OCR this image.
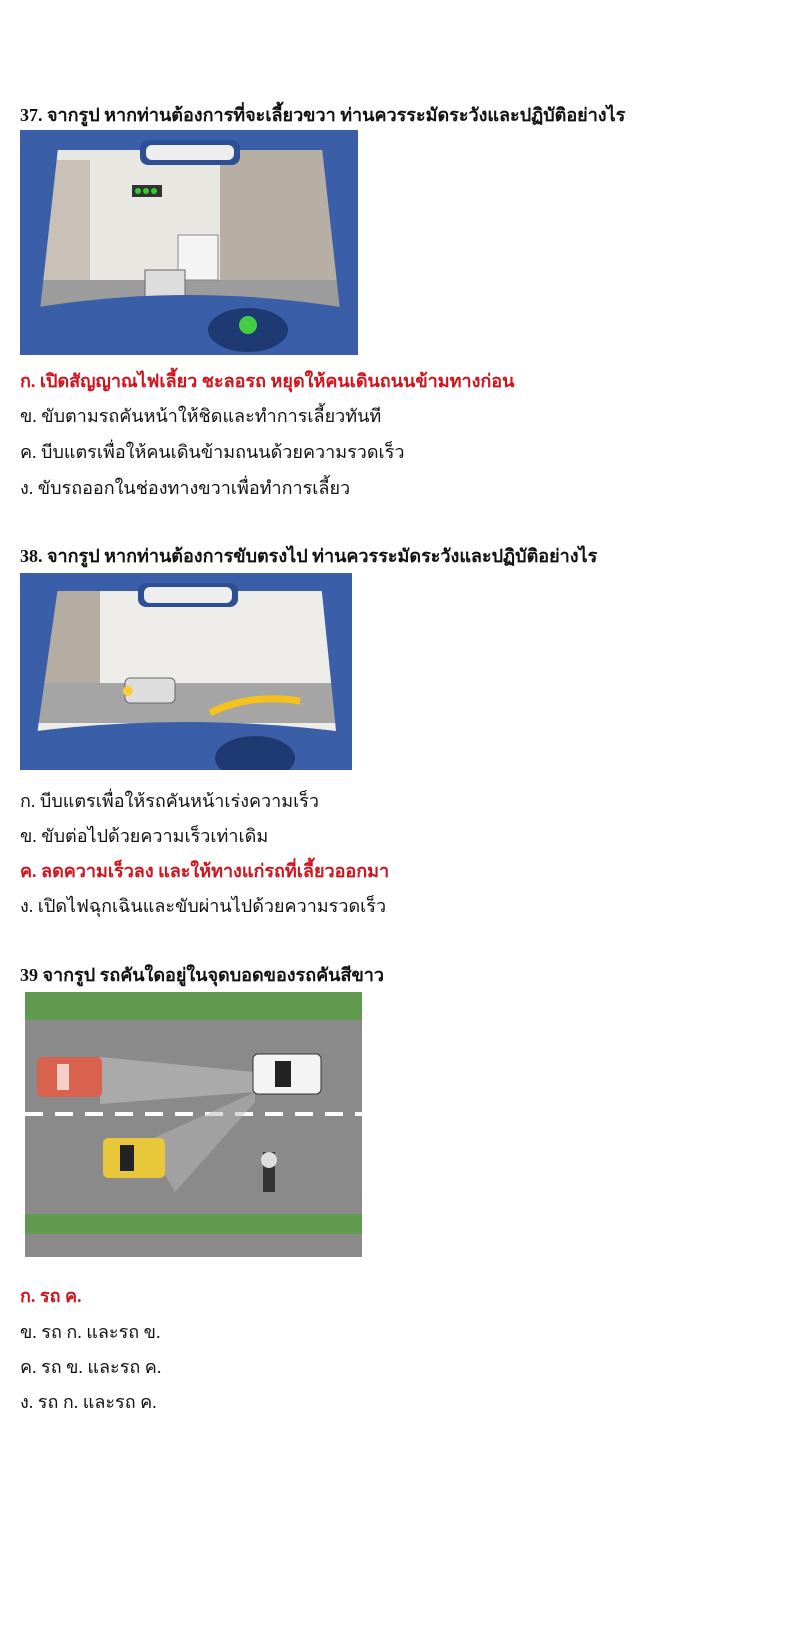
37. จากรูป หากท่านต้องการที่จะเลี้ยวขวา ท่านควรระมัดระวังและปฏิบัติอย่างไร
ก. เปิดสัญญาณไฟเลี้ยว ชะลอรถ หยุดให้คนเดินถนนข้ามทางก่อน
ข. ขับตามรถคันหน้าให้ชิดและทำการเลี้ยวทันที
ค. บีบแตรเพื่อให้คนเดินข้ามถนนด้วยความรวดเร็ว
ง. ขับรถออกในช่องทางขวาเพื่อทำการเลี้ยว
38. จากรูป หากท่านต้องการขับตรงไป ท่านควรระมัดระวังและปฏิบัติอย่างไร
ก. บีบแตรเพื่อให้รถคันหน้าเร่งความเร็ว
ข. ขับต่อไปด้วยความเร็วเท่าเดิม
ค. ลดความเร็วลง และให้ทางแก่รถที่เลี้ยวออกมา
ง. เปิดไฟฉุกเฉินและขับผ่านไปด้วยความรวดเร็ว
39 จากรูป รถคันใดอยู่ในจุดบอดของรถคันสีขาว
ก. รถ ค.
ข. รถ ก. และรถ ข.
ค. รถ ข. และรถ ค.
ง. รถ ก. และรถ ค.
